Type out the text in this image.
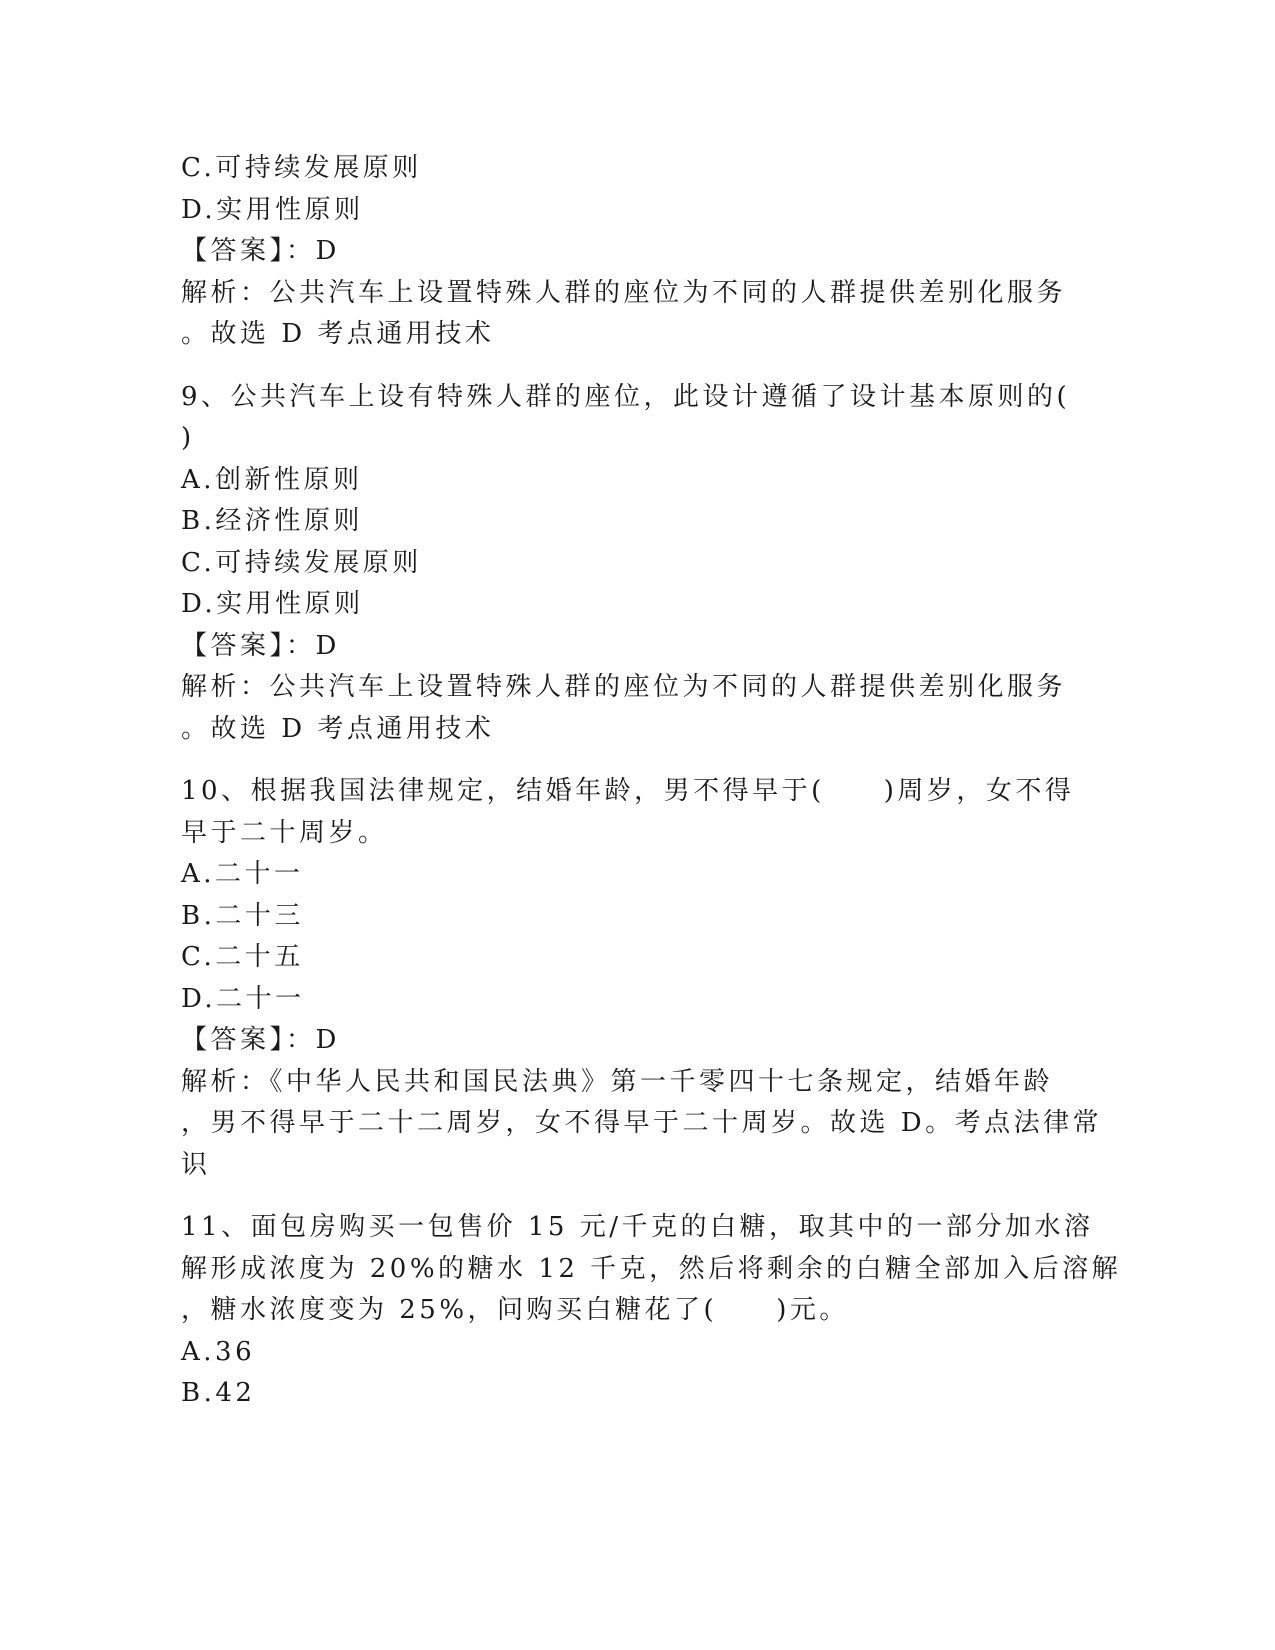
C.可持续发展原则
D.实用性原则
【答案】：D
解析：公共汽车上设置特殊人群的座位为不同的人群提供差别化服务
。故选 D 考点通用技术
9、公共汽车上设有特殊人群的座位，此设计遵循了设计基本原则的(
)
A.创新性原则
B.经济性原则
C.可持续发展原则
D.实用性原则
【答案】：D
解析：公共汽车上设置特殊人群的座位为不同的人群提供差别化服务
。故选 D 考点通用技术
10、根据我国法律规定，结婚年龄，男不得早于(　　)周岁，女不得
早于二十周岁。
A.二十一
B.二十三
C.二十五
D.二十一
【答案】：D
解析：《中华人民共和国民法典》第一千零四十七条规定，结婚年龄
，男不得早于二十二周岁，女不得早于二十周岁。故选 D。考点法律常
识
11、面包房购买一包售价 15 元/千克的白糖，取其中的一部分加水溶
解形成浓度为 20%的糖水 12 千克，然后将剩余的白糖全部加入后溶解
，糖水浓度变为 25%，问购买白糖花了(　　)元。
A.36
B.42
